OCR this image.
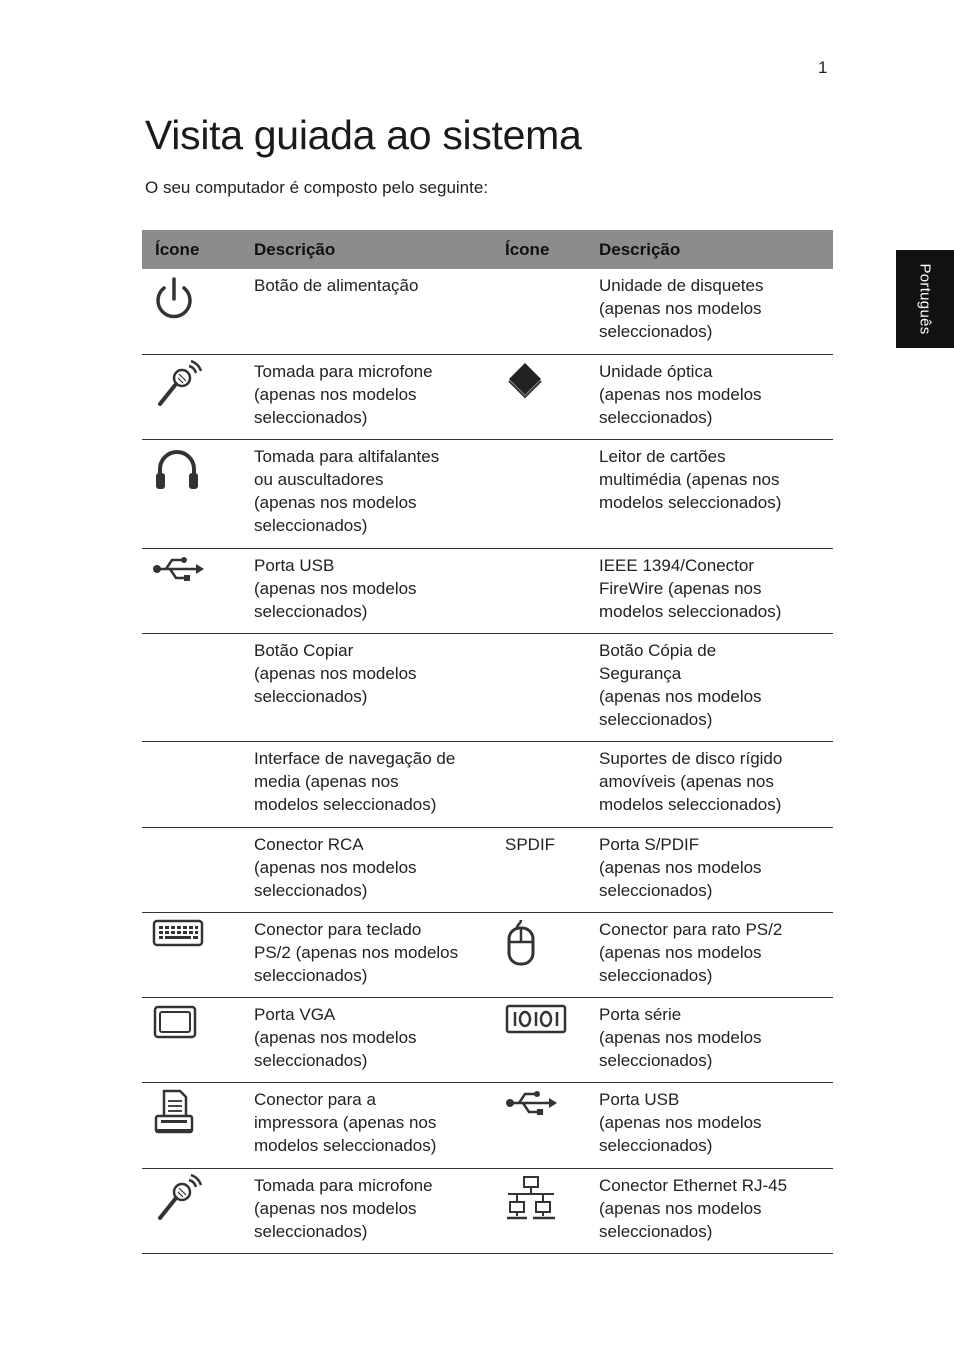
1
Visita guiada ao sistema

O seu computador é composto pelo seguinte:

Português
Ícone	Descrição	Ícone	Descrição

	Botão de alimentação		Unidade de disquetes
(apenas nos modelos
seleccionados)

	Tomada para microfone
(apenas nos modelos
seleccionados)		Unidade óptica
(apenas nos modelos
seleccionados)

	Tomada para altifalantes
ou auscultadores
(apenas nos modelos
seleccionados)		Leitor de cartões
multimédia (apenas nos
modelos seleccionados)

	Porta USB
(apenas nos modelos
seleccionados)		IEEE 1394/Conector
FireWire (apenas nos
modelos seleccionados)
	Botão Copiar
(apenas nos modelos
seleccionados)		Botão Cópia de
Segurança
(apenas nos modelos
seleccionados)
	Interface de navegação de
media (apenas nos
modelos seleccionados)		Suportes de disco rígido
amovíveis (apenas nos
modelos seleccionados)
	Conector RCA
(apenas nos modelos
seleccionados)	SPDIF	Porta S/PDIF
(apenas nos modelos
seleccionados)

	Conector para teclado
PS/2 (apenas nos modelos
seleccionados)		Conector para rato PS/2
(apenas nos modelos
seleccionados)

	Porta VGA
(apenas nos modelos
seleccionados)		Porta série
(apenas nos modelos
seleccionados)

	Conector para a
impressora (apenas nos
modelos seleccionados)		Porta USB
(apenas nos modelos
seleccionados)

	Tomada para microfone
(apenas nos modelos
seleccionados)		Conector Ethernet RJ-45
(apenas nos modelos
seleccionados)
